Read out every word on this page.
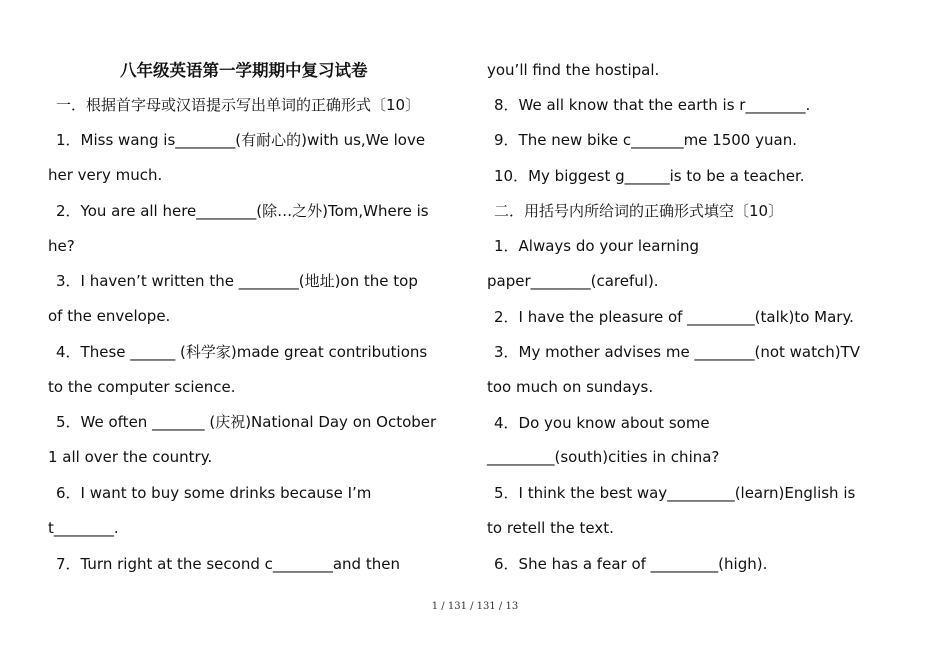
八年级英语第一学期期中复习试卷
一．根据首字母或汉语提示写出单词的正确形式〔10〕
1．Miss wang is________(有耐心的)with us,We love
her very much.
2．You are all here________(除…之外)Tom,Where is
he?
3．I haven’t written the ________(地址)on the top
of the envelope.
4．These ______ (科学家)made great contributions
to the computer science.
5．We often _______ (庆祝)National Day on October
1 all over the country.
6．I want to buy some drinks because I’m
t________.
7．Turn right at the second c________and then
you’ll find the hostipal.
8．We all know that the earth is r________.
9．The new bike c_______me 1500 yuan.
10．My biggest g______is to be a teacher.
二．用括号内所给词的正确形式填空〔10〕
1．Always do your learning
paper________(careful).
2．I have the pleasure of _________(talk)to Mary.
3．My mother advises me ________(not watch)TV
too much on sundays.
4．Do you know about some
_________(south)cities in china?
5．I think the best way_________(learn)English is
to retell the text.
6．She has a fear of _________(high).
1 / 131 / 131 / 13
